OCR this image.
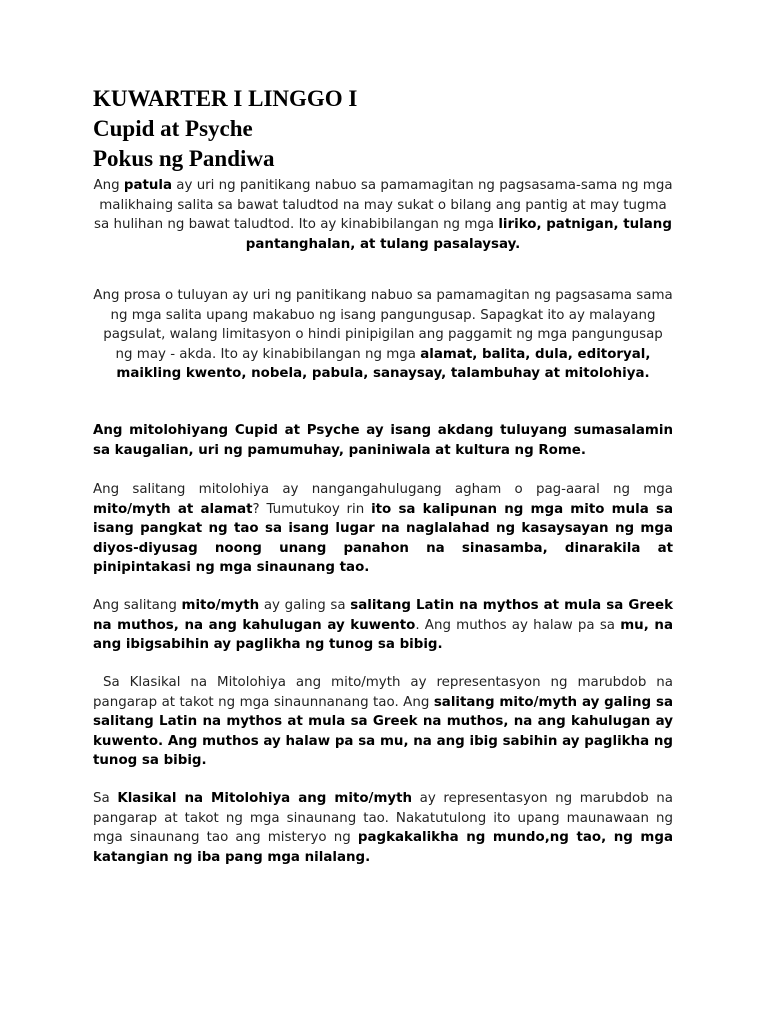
KUWARTER I LINGGO I
Cupid at Psyche
Pokus ng Pandiwa

Ang patula ay uri ng panitikang nabuo sa pamamagitan ng pagsasama-sama ng mga malikhaing salita sa bawat taludtod na may sukat o bilang ang pantig at may tugma sa hulihan ng bawat taludtod. Ito ay kinabibilangan ng mga liriko, patnigan, tulang pantanghalan, at tulang pasalaysay.

Ang prosa o tuluyan ay uri ng panitikang nabuo sa pamamagitan ng pagsasama sama ng mga salita upang makabuo ng isang pangungusap. Sapagkat ito ay malayang pagsulat, walang limitasyon o hindi pinipigilan ang paggamit ng mga pangungusap ng may - akda. Ito ay kinabibilangan ng mga alamat, balita, dula, editoryal, maikling kwento, nobela, pabula, sanaysay, talambuhay at mitolohiya.

Ang mitolohiyang Cupid at Psyche ay isang akdang tuluyang sumasalamin sa kaugalian, uri ng pamumuhay, paniniwala at kultura ng Rome.

Ang salitang mitolohiya ay nangangahulugang agham o pag-aaral ng mga mito/myth at alamat? Tumutukoy rin ito sa kalipunan ng mga mito mula sa isang pangkat ng tao sa isang lugar na naglalahad ng kasaysayan ng mga diyos-diyusag noong unang panahon na sinasamba, dinarakila at pinipintakasi ng mga sinaunang tao.

Ang salitang mito/myth ay galing sa salitang Latin na mythos at mula sa Greek na muthos, na ang kahulugan ay kuwento. Ang muthos ay halaw pa sa mu, na ang ibigsabihin ay paglikha ng tunog sa bibig.

Sa Klasikal na Mitolohiya ang mito/myth ay representasyon ng marubdob na pangarap at takot ng mga sinaunnanang tao. Ang salitang mito/myth ay galing sa salitang Latin na mythos at mula sa Greek na muthos, na ang kahulugan ay kuwento. Ang muthos ay halaw pa sa mu, na ang ibig sabihin ay paglikha ng tunog sa bibig.

Sa Klasikal na Mitolohiya ang mito/myth ay representasyon ng marubdob na pangarap at takot ng mga sinaunang tao. Nakatutulong ito upang maunawaan ng mga sinaunang tao ang misteryo ng pagkakalikha ng mundo,ng tao, ng mga katangian ng iba pang mga nilalang.
